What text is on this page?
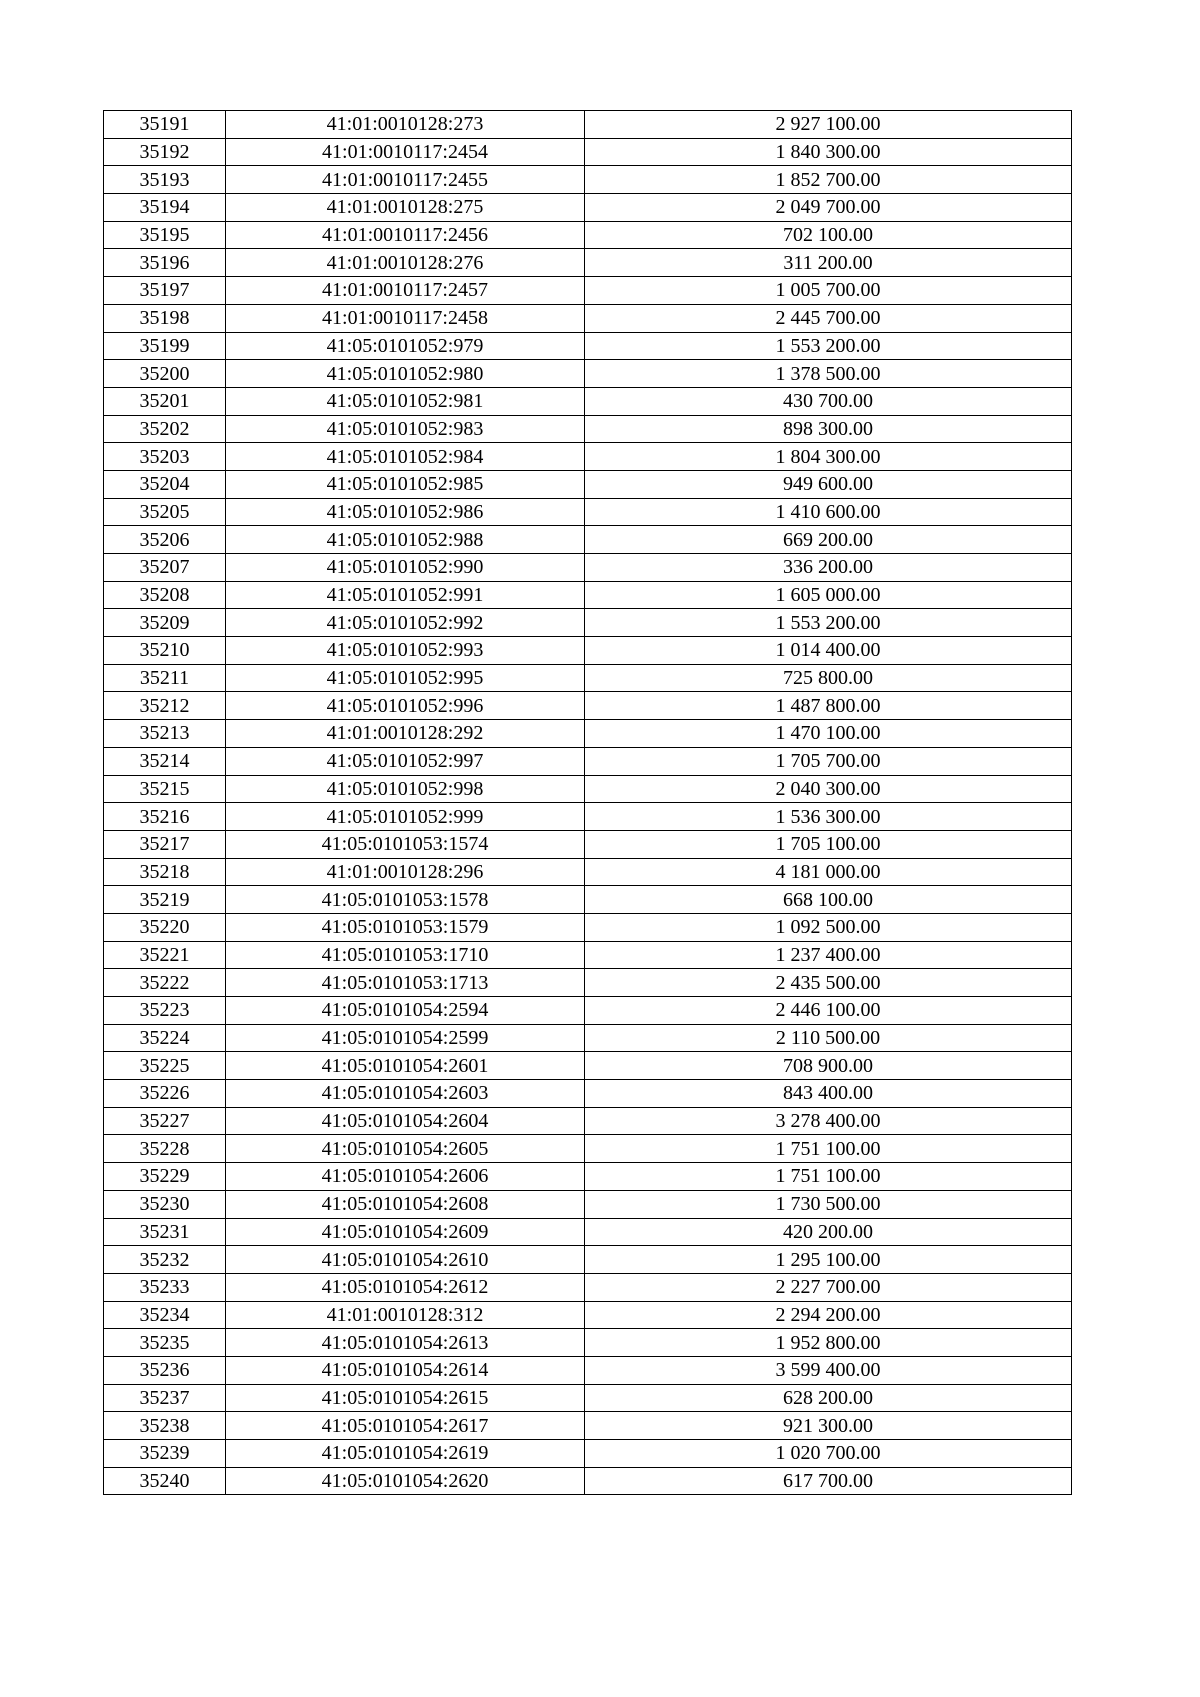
35191	41:01:0010128:273	2 927 100.00
35192	41:01:0010117:2454	1 840 300.00
35193	41:01:0010117:2455	1 852 700.00
35194	41:01:0010128:275	2 049 700.00
35195	41:01:0010117:2456	702 100.00
35196	41:01:0010128:276	311 200.00
35197	41:01:0010117:2457	1 005 700.00
35198	41:01:0010117:2458	2 445 700.00
35199	41:05:0101052:979	1 553 200.00
35200	41:05:0101052:980	1 378 500.00
35201	41:05:0101052:981	430 700.00
35202	41:05:0101052:983	898 300.00
35203	41:05:0101052:984	1 804 300.00
35204	41:05:0101052:985	949 600.00
35205	41:05:0101052:986	1 410 600.00
35206	41:05:0101052:988	669 200.00
35207	41:05:0101052:990	336 200.00
35208	41:05:0101052:991	1 605 000.00
35209	41:05:0101052:992	1 553 200.00
35210	41:05:0101052:993	1 014 400.00
35211	41:05:0101052:995	725 800.00
35212	41:05:0101052:996	1 487 800.00
35213	41:01:0010128:292	1 470 100.00
35214	41:05:0101052:997	1 705 700.00
35215	41:05:0101052:998	2 040 300.00
35216	41:05:0101052:999	1 536 300.00
35217	41:05:0101053:1574	1 705 100.00
35218	41:01:0010128:296	4 181 000.00
35219	41:05:0101053:1578	668 100.00
35220	41:05:0101053:1579	1 092 500.00
35221	41:05:0101053:1710	1 237 400.00
35222	41:05:0101053:1713	2 435 500.00
35223	41:05:0101054:2594	2 446 100.00
35224	41:05:0101054:2599	2 110 500.00
35225	41:05:0101054:2601	708 900.00
35226	41:05:0101054:2603	843 400.00
35227	41:05:0101054:2604	3 278 400.00
35228	41:05:0101054:2605	1 751 100.00
35229	41:05:0101054:2606	1 751 100.00
35230	41:05:0101054:2608	1 730 500.00
35231	41:05:0101054:2609	420 200.00
35232	41:05:0101054:2610	1 295 100.00
35233	41:05:0101054:2612	2 227 700.00
35234	41:01:0010128:312	2 294 200.00
35235	41:05:0101054:2613	1 952 800.00
35236	41:05:0101054:2614	3 599 400.00
35237	41:05:0101054:2615	628 200.00
35238	41:05:0101054:2617	921 300.00
35239	41:05:0101054:2619	1 020 700.00
35240	41:05:0101054:2620	617 700.00
